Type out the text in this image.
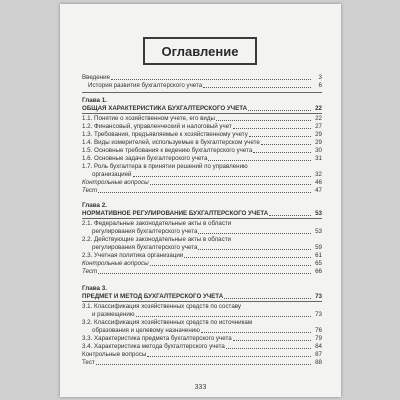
Оглавление
Введение	3
История развития бухгалтерского учета	6
Глава 1.
ОБЩАЯ ХАРАКТЕРИСТИКА БУХГАЛТЕРСКОГО УЧЕТА	22
1.1. Понятие о хозяйственном учете, его виды	22
1.2. Финансовый, управленческий и налоговый учет	27
1.3. Требования, предъявляемые к хозяйственному учету	29
1.4. Виды измерителей, используемые в бухгалтерском учете	29
1.5. Основные требования к ведению бухгалтерского учета	30
1.6. Основные задачи бухгалтерского учета	31
1.7. Роль бухгалтера в принятии решений по управлению
организацией	32
Контрольные вопросы	46
Тест	47
Глава 2.
НОРМАТИВНОЕ РЕГУЛИРОВАНИЕ БУХГАЛТЕРСКОГО УЧЕТА	53
2.1. Федеральные законодательные акты в области
регулирования бухгалтерского учета	53
2.2. Действующие законодательные акты в области
регулирования бухгалтерского учета	59
2.3. Учетная политика организации	61
Контрольные вопросы	65
Тест	66
Глава 3.
ПРЕДМЕТ И МЕТОД БУХГАЛТЕРСКОГО УЧЕТА	73
3.1. Классификация хозяйственных средств по составу
и размещению	73
3.2. Классификация хозяйственных средств по источникам
образования и целевому назначению	76
3.3. Характеристика предмета бухгалтерского учета	79
3.4. Характеристика метода бухгалтерского учета	84
Контрольные вопросы	87
Тест	88
333
